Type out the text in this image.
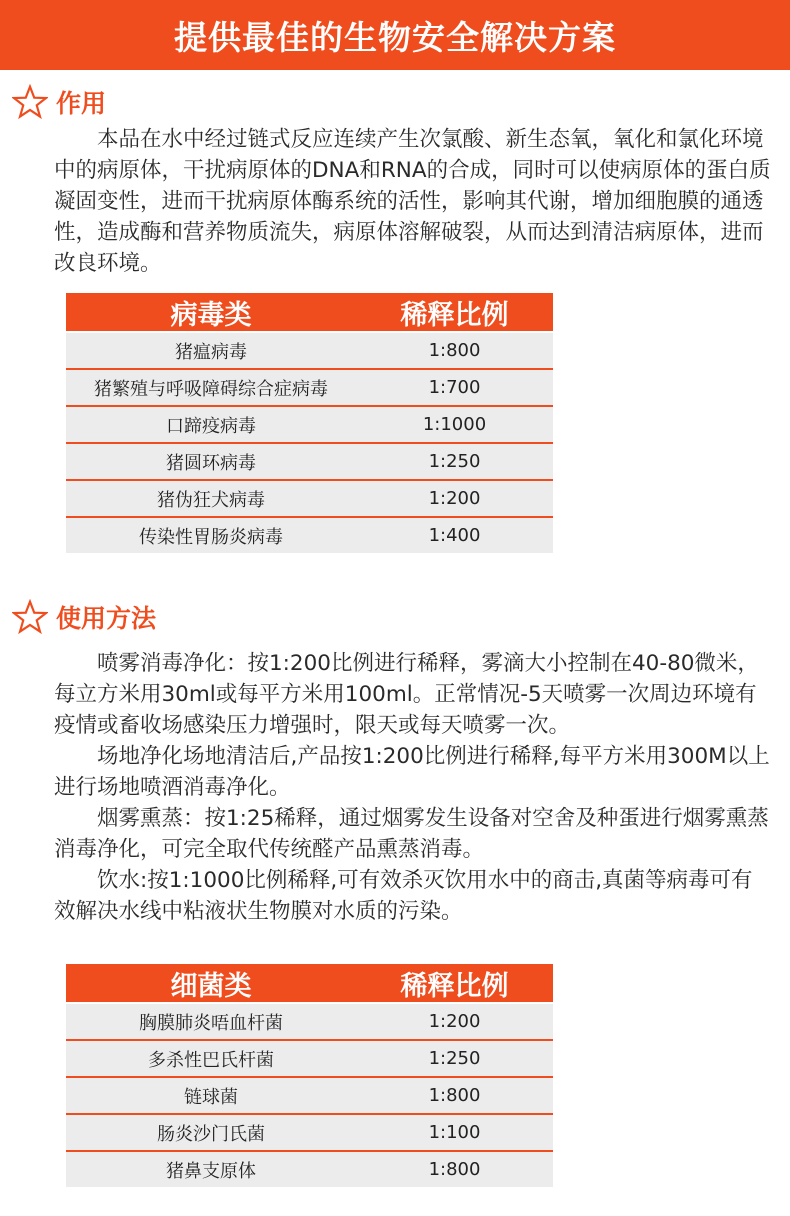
提供最佳的生物安全解决方案
作用

本品在水中经过链式反应连续产生次氯酸、新生态氧，氧化和氯化环境中的病原体，干扰病原体的DNA和RNA的合成，同时可以使病原体的蛋白质凝固变性，进而干扰病原体酶系统的活性，影响其代谢，增加细胞膜的通透性，造成酶和营养物质流失，病原体溶解破裂，从而达到清洁病原体，进而改良环境。

病毒类	稀释比例
猪瘟病毒	1:800
猪繁殖与呼吸障碍综合症病毒	1:700
口蹄疫病毒	1:1000
猪圆环病毒	1:250
猪伪狂犬病毒	1:200
传染性胃肠炎病毒	1:400
使用方法

喷雾消毒净化：按1:200比例进行稀释，雾滴大小控制在40-80微米，每立方米用30ml或每平方米用100ml。正常情况-5天喷雾一次周边环境有疫情或畜收场感染压力增强时，限天或每天喷雾一次。

场地净化场地清洁后,产品按1:200比例进行稀释,每平方米用300M以上进行场地喷酒消毒净化。

烟雾熏蒸：按1:25稀释，通过烟雾发生设备对空舍及种蛋进行烟雾熏蒸消毒净化，可完全取代传统醛产品熏蒸消毒。

饮水:按1:1000比例稀释,可有效杀灭饮用水中的商击,真菌等病毒可有效解决水线中粘液状生物膜对水质的污染。

细菌类	稀释比例
胸膜肺炎唔血杆菌	1:200
多杀性巴氏杆菌	1:250
链球菌	1:800
肠炎沙门氏菌	1:100
猪鼻支原体	1:800
